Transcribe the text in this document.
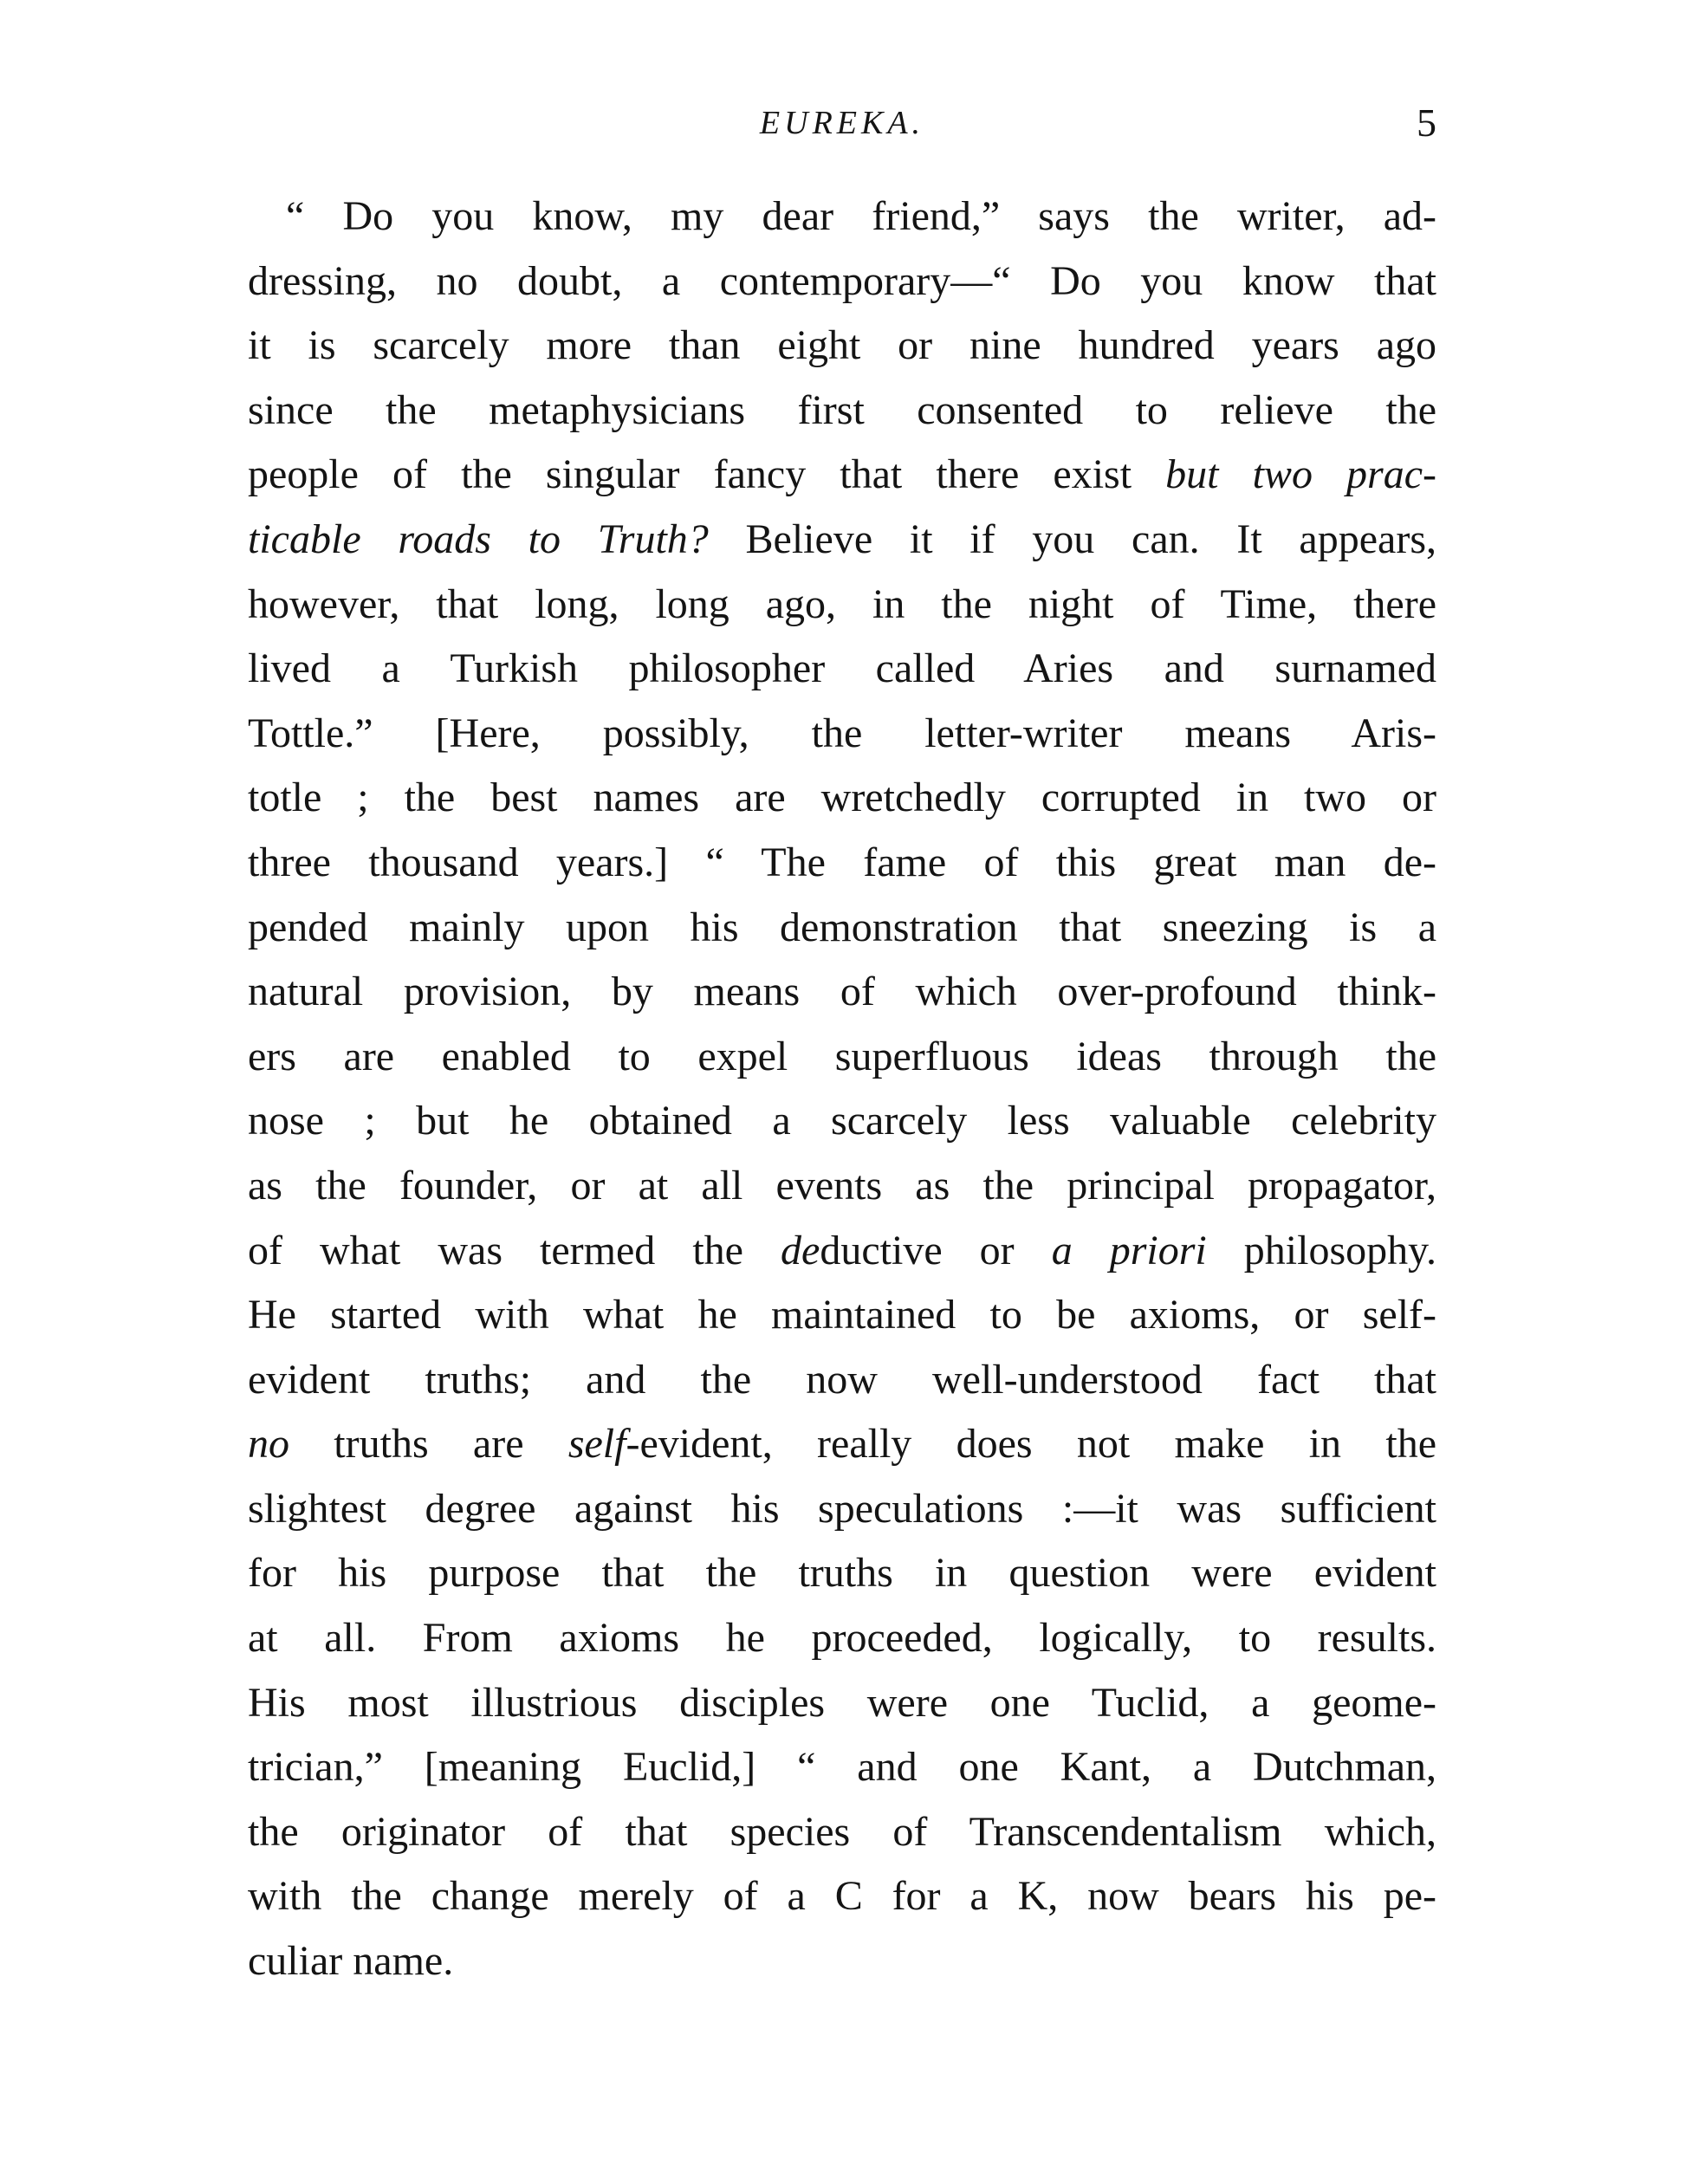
EUREKA.	5
“ Do you know, my dear friend,” says the writer, ad-
dressing, no doubt, a contemporary—“ Do you know that
it is scarcely more than eight or nine hundred years ago
since the metaphysicians first consented to relieve the
people of the singular fancy that there exist but two prac-
ticable roads to Truth? Believe it if you can. It appears,
however, that long, long ago, in the night of Time, there
lived a Turkish philosopher called Aries and surnamed
Tottle.” [Here, possibly, the letter-writer means Aris-
totle ; the best names are wretchedly corrupted in two or
three thousand years.] “ The fame of this great man de-
pended mainly upon his demonstration that sneezing is a
natural provision, by means of which over-profound think-
ers are enabled to expel superfluous ideas through the
nose ; but he obtained a scarcely less valuable celebrity
as the founder, or at all events as the principal propagator,
of what was termed the deductive or a priori philosophy.
He started with what he maintained to be axioms, or self-
evident truths; and the now well-understood fact that
no truths are self-evident, really does not make in the
slightest degree against his speculations :—it was sufficient
for his purpose that the truths in question were evident
at all. From axioms he proceeded, logically, to results.
His most illustrious disciples were one Tuclid, a geome-
trician,” [meaning Euclid,] “ and one Kant, a Dutchman,
the originator of that species of Transcendentalism which,
with the change merely of a C for a K, now bears his pe-
culiar name.
